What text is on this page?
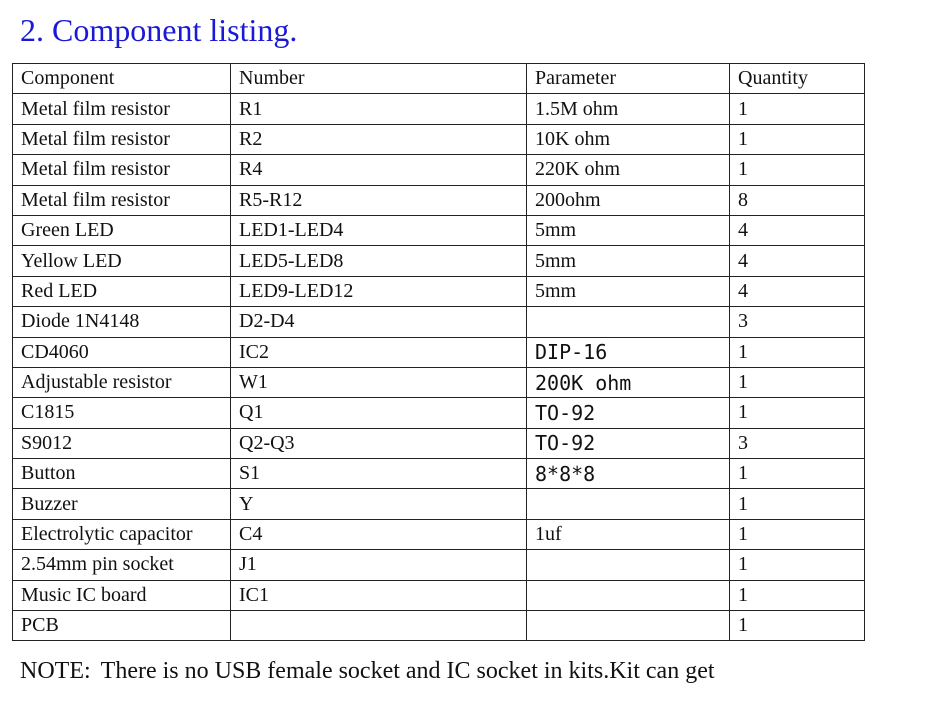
2. Component listing.
Component	Number	Parameter	Quantity
Metal film resistor	R1	1.5M ohm	1
Metal film resistor	R2	10K ohm	1
Metal film resistor	R4	220K ohm	1
Metal film resistor	R5-R12	200ohm	8
Green LED	LED1-LED4	5mm	4
Yellow LED	LED5-LED8	5mm	4
Red LED	LED9-LED12	5mm	4
Diode 1N4148	D2-D4		3
CD4060	IC2	DIP-16	1
Adjustable resistor	W1	200K ohm	1
C1815	Q1	TO-92	1
S9012	Q2-Q3	TO-92	3
Button	S1	8*8*8	1
Buzzer	Y		1
Electrolytic capacitor	C4	1uf	1
2.54mm pin socket	J1		1
Music IC board	IC1		1
PCB			1
NOTE: There is no USB female socket and IC socket in kits.Kit can get
